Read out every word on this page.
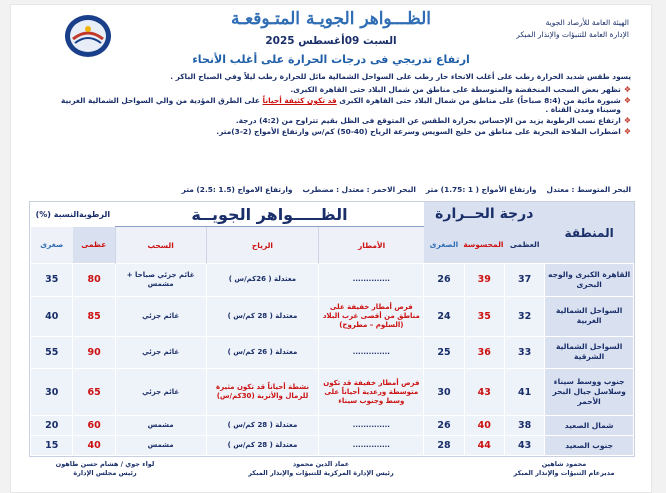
الهيئة العامة للأرصاد الجوية
الإدارة العامة للتنبؤات والإنذار المبكر
الظـــواهر الجويـة المتـوقعـة
السبت 09أغسطس 2025
ارتفاع تدريجي فى درجات الحرارة على أغلب الأنحاء
يسود طقس شديد الحرارة رطب على أغلب الانحاء حار رطب على السواحل الشمالية مائل للحرارة رطب ليلاً وفي الصباح الباكر .
❖
تظهر بعض السحب المنخفضة والمتوسطة على مناطق من شمال البلاد حتى القاهرة الكبرى.
❖
شبورة مائية من (8:4 صباحاً) على مناطق من شمال البلاد حتى القاهرة الكبرى قد تكون كثيفة أحياناً على الطرق المؤدية من والي السواحل الشمالية الغربية وسيناء ومدن القناة .
❖
ارتفاع نسب الرطوبة يزيد من الإحساس بحرارة الطقس عن المتوقع فى الظل بقيم تتراوح من (4:2) درجة.
❖
اضطراب الملاحة البحرية على مناطق من خليج السويس وسرعة الرياح (40-50) كم/س وارتفاع الأمواج (2-3)متر.
البحر المتوسط : معتدل
وارتفاع الأمواج ( 1 :1.75) متر
البحر الاحمر : معتدل : مضطرب
وارتفاع الامواج (1.5 :2.5) متر
المنطقة	درجة الحــرارة			الظـــــواهر الجويــة			الرطوبةالنسبة (%)	
	العظمى	المحسوسة	الصغرى	الأمطار	الرياح	السحب	عظمى	صغرى
القاهرة الكبرى والوجه البحرى	37	39	26	..............	معتدلة ( 26كم/س )	غائم جزئي صباحا + مشمس	80	35
السواحل الشمالية الغربية	32	35	24	فرص أمطار خفيفة على مناطق من أقصى غرب البلاد (السلوم – مطروح)	معتدلة ( 28 كم/س )	غائم جزئي	85	40
السواحل الشمالية الشرقية	33	36	25	..............	معتدلة ( 26 كم/س )	غائم جزئي	90	55
جنوب ووسط سيناء وسلاسل جبال البحر الأحمر	41	43	30	فرص أمطار خفيفة قد تكون متوسطة ورعدية أحياناً على وسط وجنوب سيناء	نشطة أحياناً قد تكون مثيرة للرمال والأتربة (30كم/س)	غائم جزئي	65	30
شمال الصعيد	38	40	26	..............	معتدلة ( 28 كم/س )	مشمس	60	20
جنوب الصعيد	43	44	28	..............	معتدلة ( 28 كم/س )	مشمس	40	15
محمود شاهين
مديرعام التنبؤات والإنذار المبكر
عماد الدين محمود
رئيس الإدارة المركزية للتنبؤات والإنذار المبكر
لواء جوي / هشام حسن طاهون
رئيس مجلس الإدارة
